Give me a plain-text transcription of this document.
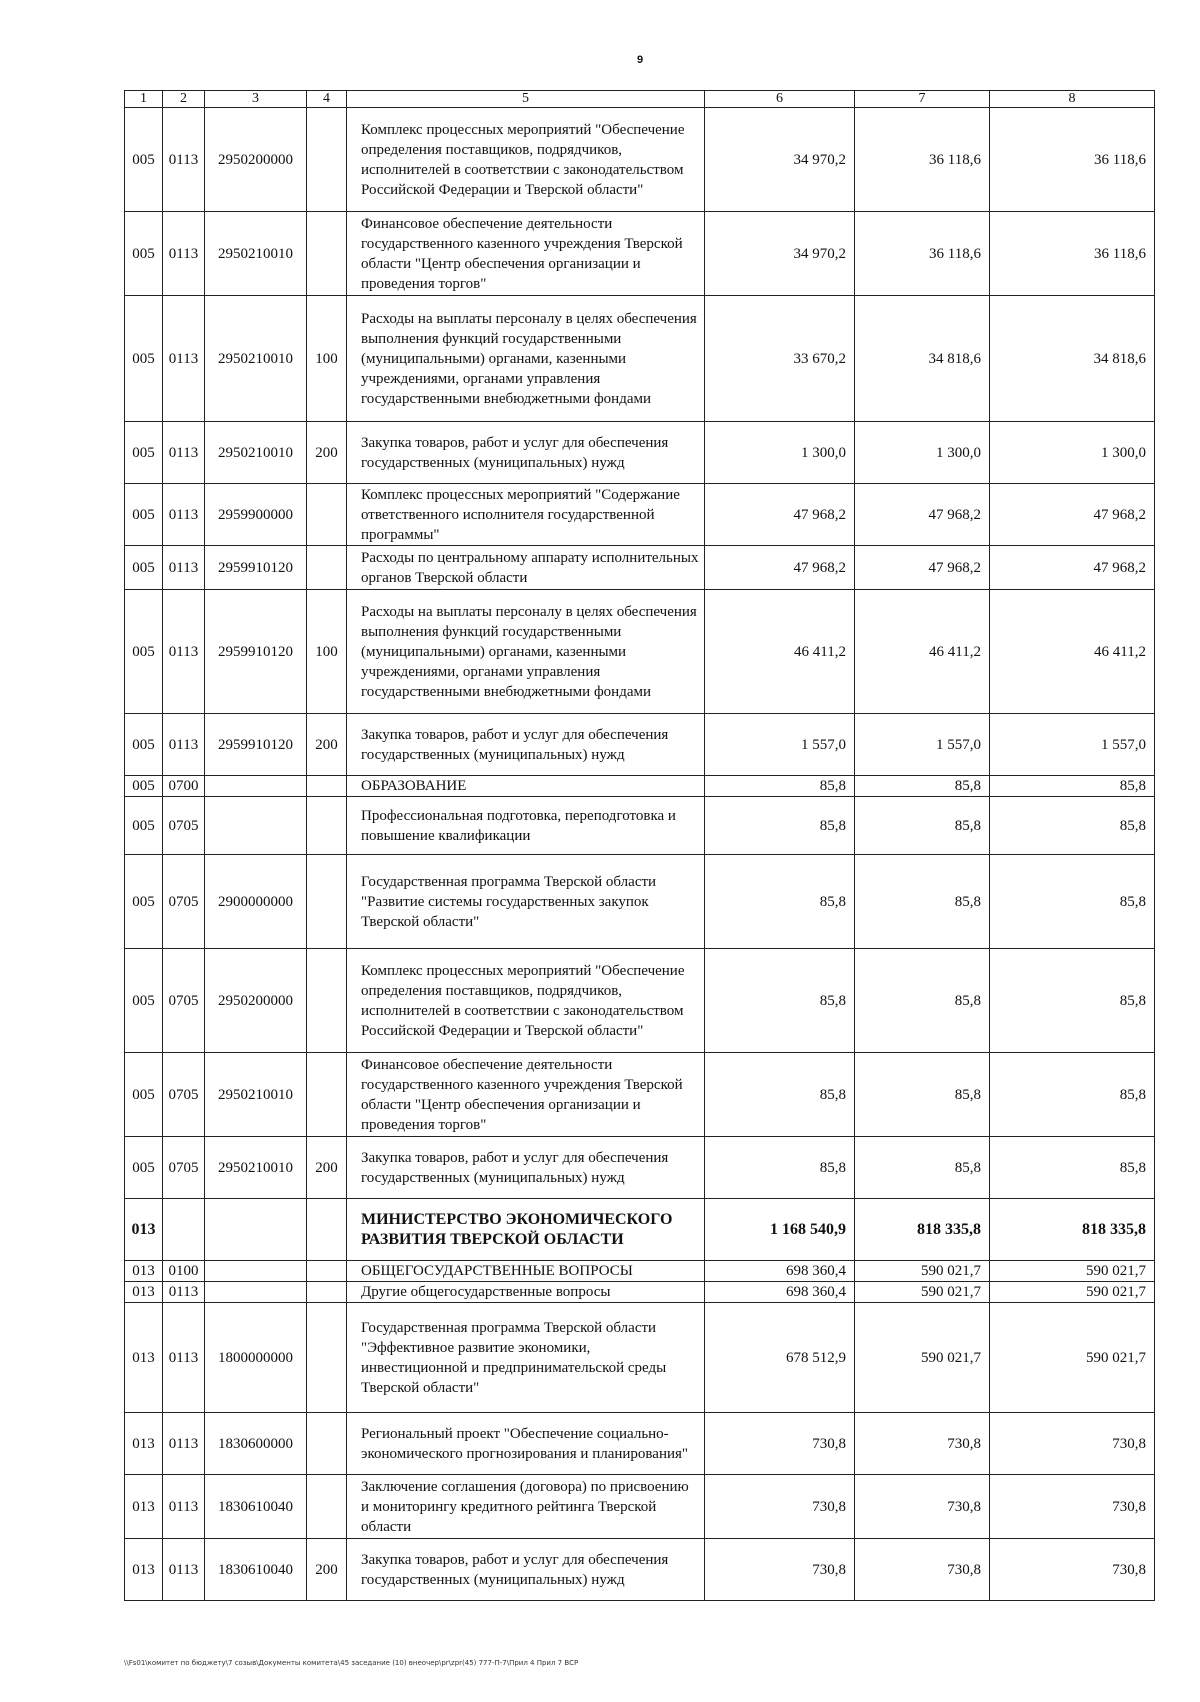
9
1	2	3	4	5	6	7	8
005	0113	2950200000		Комплекс процессных мероприятий "Обеспечение определения поставщиков, подрядчиков, исполнителей в соответствии с законодательством Российской Федерации и Тверской области"	34 970,2	36 118,6	36 118,6
005	0113	2950210010		Финансовое обеспечение деятельности государственного казенного учреждения Тверской области "Центр обеспечения организации и проведения торгов"	34 970,2	36 118,6	36 118,6
005	0113	2950210010	100	Расходы на выплаты персоналу в целях обеспечения выполнения функций государственными (муниципальными) органами, казенными учреждениями, органами управления государственными внебюджетными фондами	33 670,2	34 818,6	34 818,6
005	0113	2950210010	200	Закупка товаров, работ и услуг для обеспечения государственных (муниципальных) нужд	1 300,0	1 300,0	1 300,0
005	0113	2959900000		Комплекс процессных мероприятий "Содержание ответственного исполнителя государственной программы"	47 968,2	47 968,2	47 968,2
005	0113	2959910120		Расходы по центральному аппарату исполнительных органов Тверской области	47 968,2	47 968,2	47 968,2
005	0113	2959910120	100	Расходы на выплаты персоналу в целях обеспечения выполнения функций государственными (муниципальными) органами, казенными учреждениями, органами управления государственными внебюджетными фондами	46 411,2	46 411,2	46 411,2
005	0113	2959910120	200	Закупка товаров, работ и услуг для обеспечения государственных (муниципальных) нужд	1 557,0	1 557,0	1 557,0
005	0700			ОБРАЗОВАНИЕ	85,8	85,8	85,8
005	0705			Профессиональная подготовка, переподготовка и повышение квалификации	85,8	85,8	85,8
005	0705	2900000000		Государственная программа Тверской области "Развитие системы государственных закупок Тверской области"	85,8	85,8	85,8
005	0705	2950200000		Комплекс процессных мероприятий "Обеспечение определения поставщиков, подрядчиков, исполнителей в соответствии с законодательством Российской Федерации и Тверской области"	85,8	85,8	85,8
005	0705	2950210010		Финансовое обеспечение деятельности государственного казенного учреждения Тверской области "Центр обеспечения организации и проведения торгов"	85,8	85,8	85,8
005	0705	2950210010	200	Закупка товаров, работ и услуг для обеспечения государственных (муниципальных) нужд	85,8	85,8	85,8
013				МИНИСТЕРСТВО ЭКОНОМИЧЕСКОГО РАЗВИТИЯ ТВЕРСКОЙ ОБЛАСТИ	1 168 540,9	818 335,8	818 335,8
013	0100			ОБЩЕГОСУДАРСТВЕННЫЕ ВОПРОСЫ	698 360,4	590 021,7	590 021,7
013	0113			Другие общегосударственные вопросы	698 360,4	590 021,7	590 021,7
013	0113	1800000000		Государственная программа Тверской области "Эффективное развитие экономики, инвестиционной и предпринимательской среды Тверской области"	678 512,9	590 021,7	590 021,7
013	0113	1830600000		Региональный проект "Обеспечение социально-экономического прогнозирования и планирования"	730,8	730,8	730,8
013	0113	1830610040		Заключение соглашения (договора) по присвоению и мониторингу кредитного рейтинга Тверской области	730,8	730,8	730,8
013	0113	1830610040	200	Закупка товаров, работ и услуг для обеспечения государственных (муниципальных) нужд	730,8	730,8	730,8
\\Fs01\комитет по бюджету\7 созыв\Документы комитета\45 заседание (10) внеочер\pr\zpr(45) 777-П-7\Прил 4 Прил 7 ВСР
